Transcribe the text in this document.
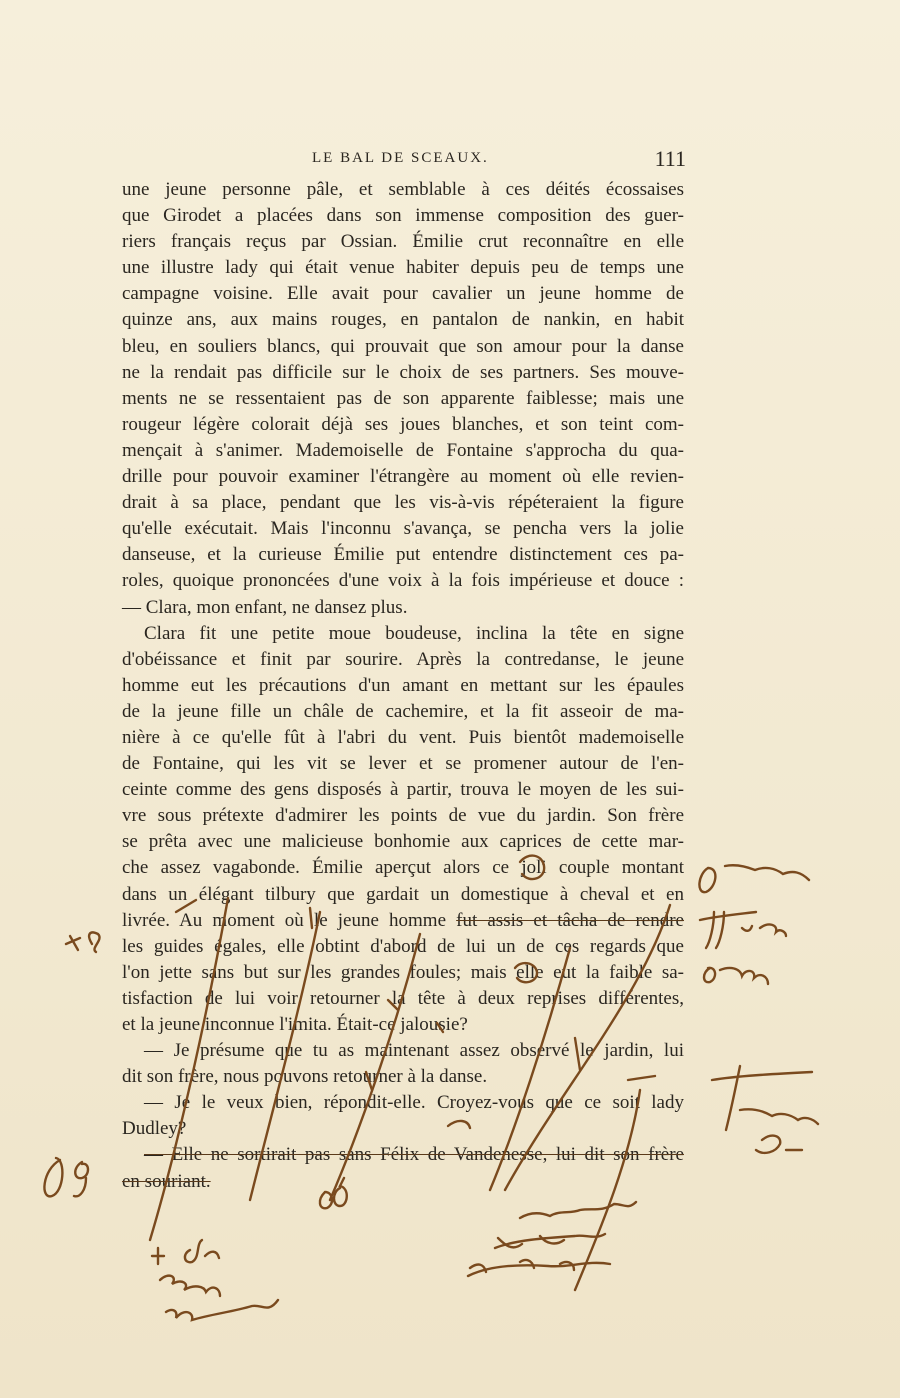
LE BAL DE SCEAUX.	111
une jeune personne pâle, et semblable à ces déités écossaises
que Girodet a placées dans son immense composition des guer-
riers français reçus par Ossian. Émilie crut reconnaître en elle
une illustre lady qui était venue habiter depuis peu de temps une
campagne voisine. Elle avait pour cavalier un jeune homme de
quinze ans, aux mains rouges, en pantalon de nankin, en habit
bleu, en souliers blancs, qui prouvait que son amour pour la danse
ne la rendait pas difficile sur le choix de ses partners. Ses mouve-
ments ne se ressentaient pas de son apparente faiblesse; mais une
rougeur légère colorait déjà ses joues blanches, et son teint com-
mençait à s'animer. Mademoiselle de Fontaine s'approcha du qua-
drille pour pouvoir examiner l'étrangère au moment où elle revien-
drait à sa place, pendant que les vis-à-vis répéteraient la figure
qu'elle exécutait. Mais l'inconnu s'avança, se pencha vers la jolie
danseuse, et la curieuse Émilie put entendre distinctement ces pa-
roles, quoique prononcées d'une voix à la fois impérieuse et douce :
— Clara, mon enfant, ne dansez plus.
Clara fit une petite moue boudeuse, inclina la tête en signe
d'obéissance et finit par sourire. Après la contredanse, le jeune
homme eut les précautions d'un amant en mettant sur les épaules
de la jeune fille un châle de cachemire, et la fit asseoir de ma-
nière à ce qu'elle fût à l'abri du vent. Puis bientôt mademoiselle
de Fontaine, qui les vit se lever et se promener autour de l'en-
ceinte comme des gens disposés à partir, trouva le moyen de les sui-
vre sous prétexte d'admirer les points de vue du jardin. Son frère
se prêta avec une malicieuse bonhomie aux caprices de cette mar-
che assez vagabonde. Émilie aperçut alors ce joli couple montant
dans un élégant tilbury que gardait un domestique à cheval et en
livrée. Au moment où le jeune homme fut assis et tâcha de rendre
les guides égales, elle obtint d'abord de lui un de ces regards que
l'on jette sans but sur les grandes foules; mais elle eut la faible sa-
tisfaction de lui voir retourner la tête à deux reprises différentes,
et la jeune inconnue l'imita. Était-ce jalousie?
— Je présume que tu as maintenant assez observé le jardin, lui
dit son frère, nous pouvons retourner à la danse.
— Je le veux bien, répondit-elle. Croyez-vous que ce soit lady
Dudley?
— Elle ne sortirait pas sans Félix de Vandenesse, lui dit son frère
en souriant.
